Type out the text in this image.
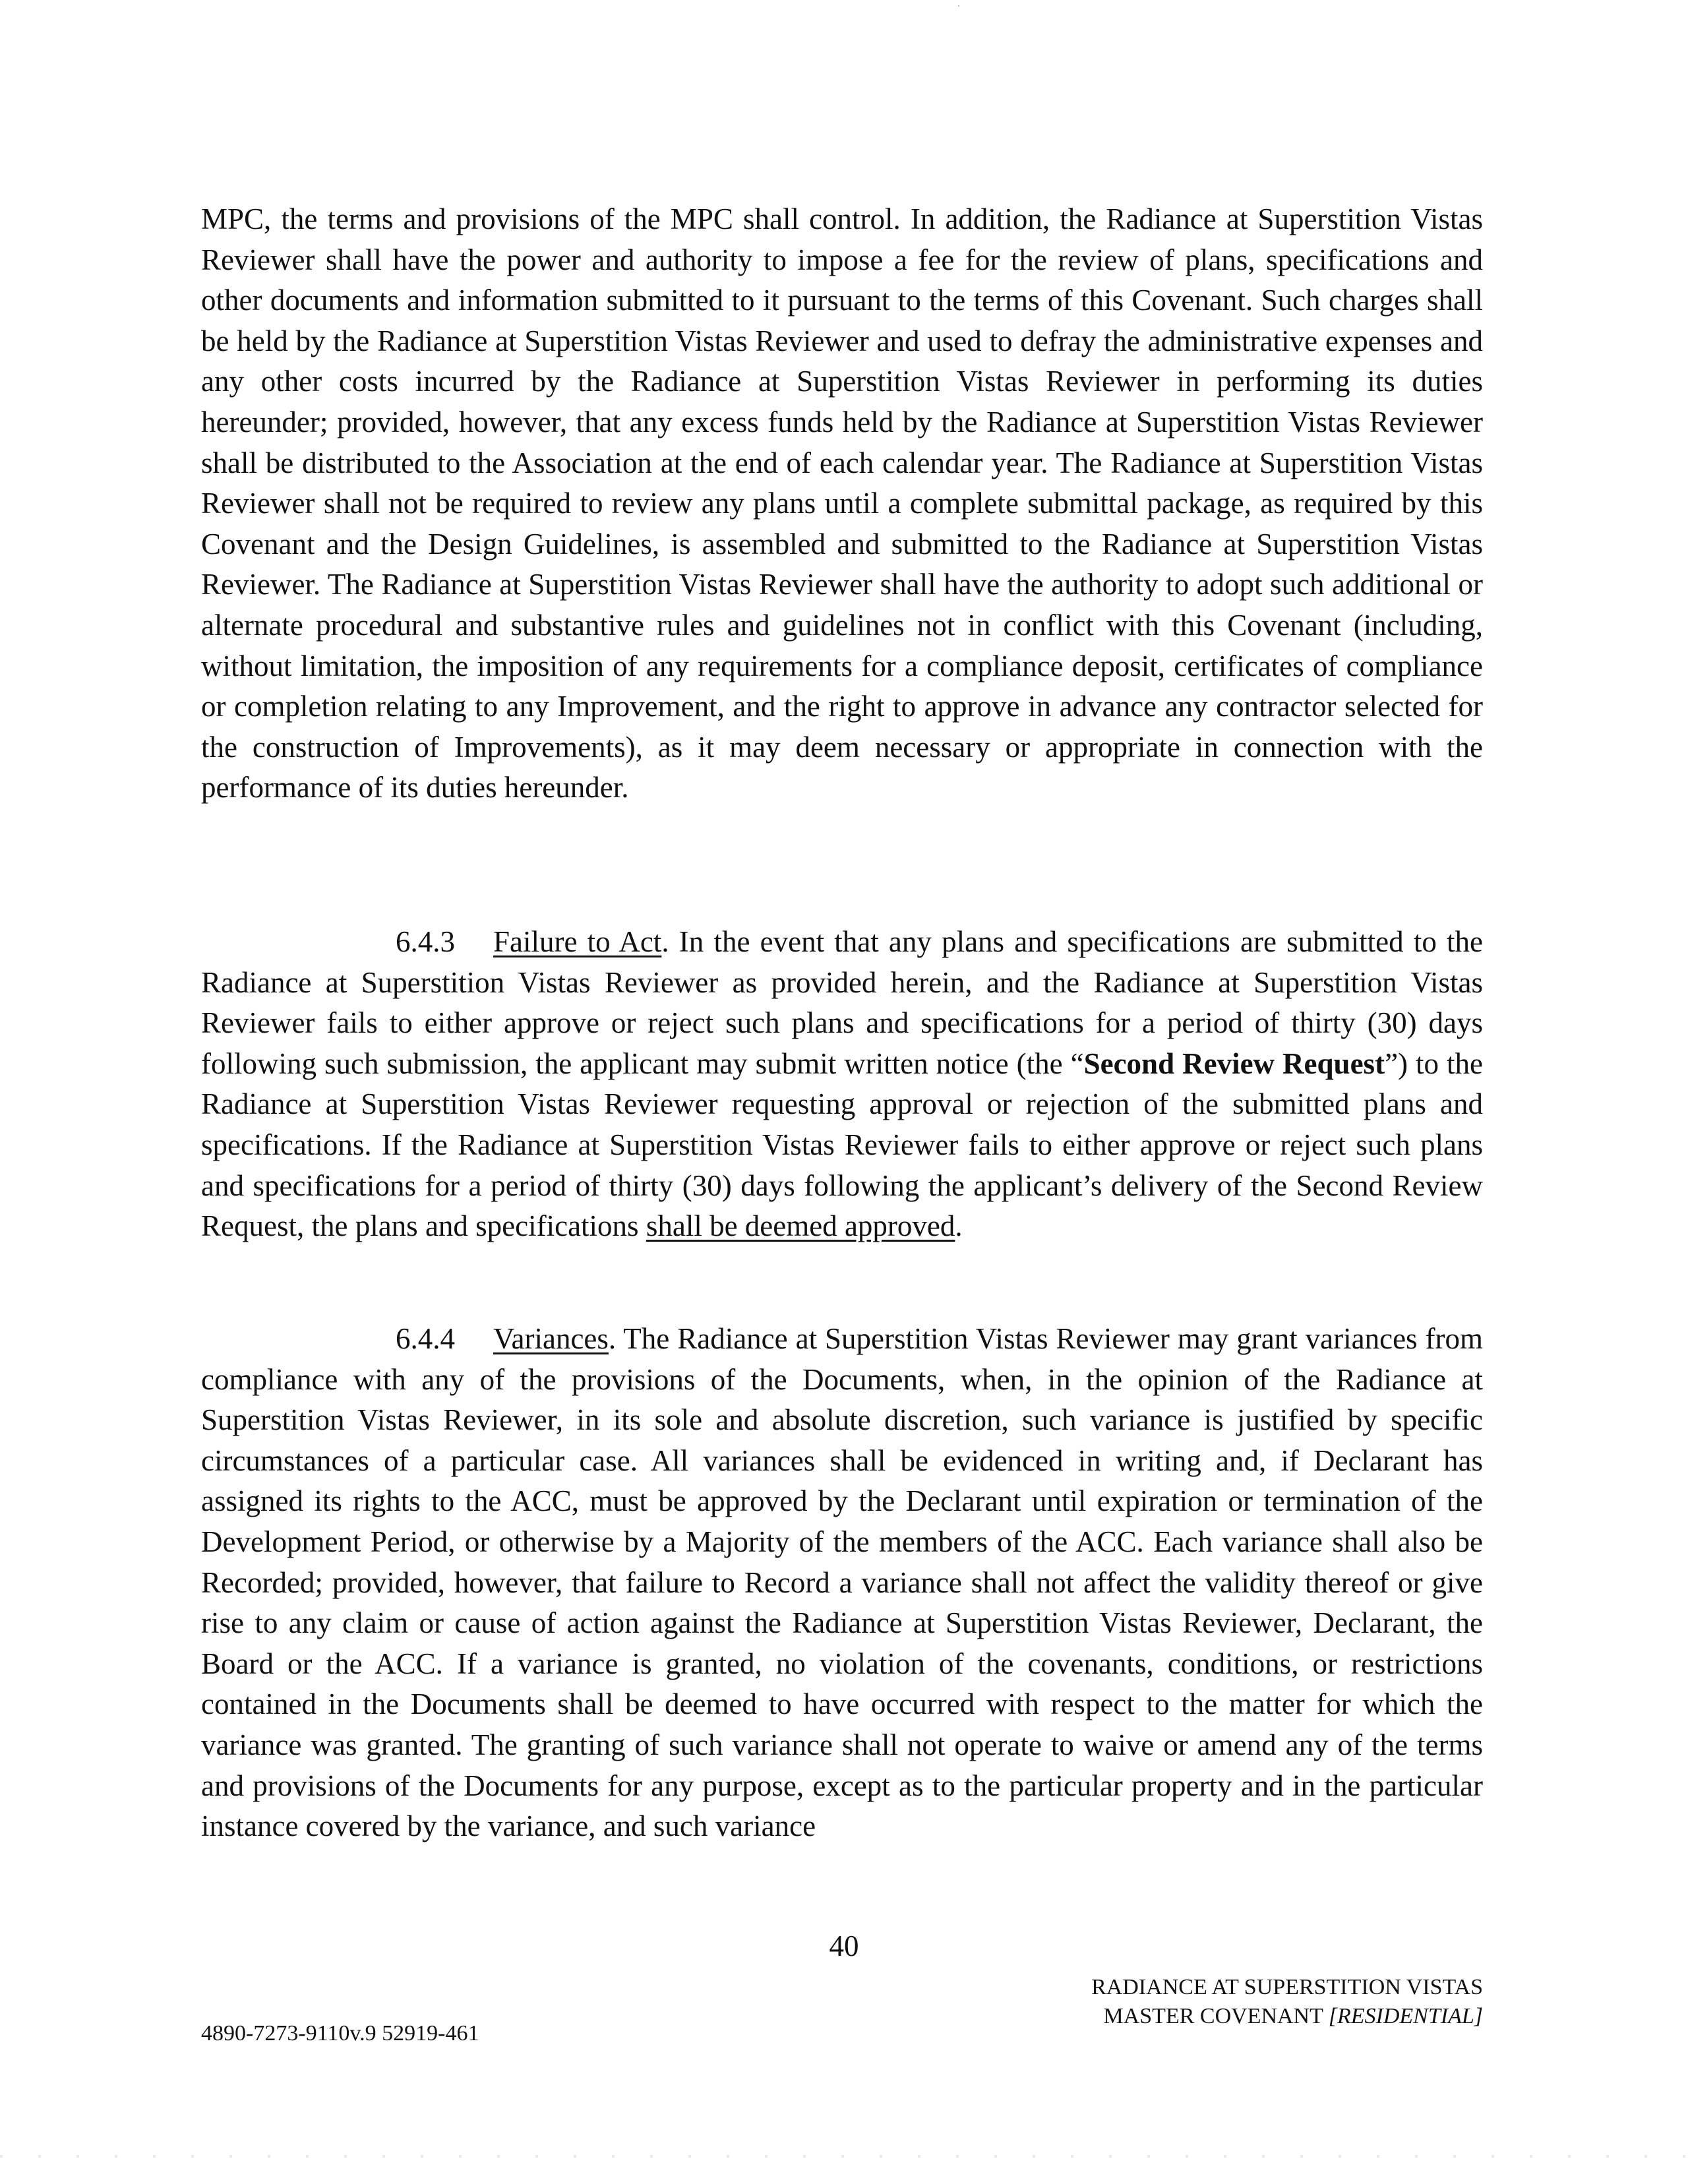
MPC, the terms and provisions of the MPC shall control. In addition, the Radiance at Superstition Vistas Reviewer shall have the power and authority to impose a fee for the review of plans, specifications and other documents and information submitted to it pursuant to the terms of this Covenant. Such charges shall be held by the Radiance at Superstition Vistas Reviewer and used to defray the administrative expenses and any other costs incurred by the Radiance at Superstition Vistas Reviewer in performing its duties hereunder; provided, however, that any excess funds held by the Radiance at Superstition Vistas Reviewer shall be distributed to the Association at the end of each calendar year. The Radiance at Superstition Vistas Reviewer shall not be required to review any plans until a complete submittal package, as required by this Covenant and the Design Guidelines, is assembled and submitted to the Radiance at Superstition Vistas Reviewer. The Radiance at Superstition Vistas Reviewer shall have the authority to adopt such additional or alternate procedural and substantive rules and guidelines not in conflict with this Covenant (including, without limitation, the imposition of any requirements for a compliance deposit, certificates of compliance or completion relating to any Improvement, and the right to approve in advance any contractor selected for the construction of Improvements), as it may deem necessary or appropriate in connection with the performance of its duties hereunder.

6.4.3 Failure to Act. In the event that any plans and specifications are submitted to the Radiance at Superstition Vistas Reviewer as provided herein, and the Radiance at Superstition Vistas Reviewer fails to either approve or reject such plans and specifications for a period of thirty (30) days following such submission, the applicant may submit written notice (the “Second Review Request”) to the Radiance at Superstition Vistas Reviewer requesting approval or rejection of the submitted plans and specifications. If the Radiance at Superstition Vistas Reviewer fails to either approve or reject such plans and specifications for a period of thirty (30) days following the applicant’s delivery of the Second Review Request, the plans and specifications shall be deemed approved.

6.4.4 Variances. The Radiance at Superstition Vistas Reviewer may grant variances from compliance with any of the provisions of the Documents, when, in the opinion of the Radiance at Superstition Vistas Reviewer, in its sole and absolute discretion, such variance is justified by specific circumstances of a particular case. All variances shall be evidenced in writing and, if Declarant has assigned its rights to the ACC, must be approved by the Declarant until expiration or termination of the Development Period, or otherwise by a Majority of the members of the ACC. Each variance shall also be Recorded; provided, however, that failure to Record a variance shall not affect the validity thereof or give rise to any claim or cause of action against the Radiance at Superstition Vistas Reviewer, Declarant, the Board or the ACC. If a variance is granted, no violation of the covenants, conditions, or restrictions contained in the Documents shall be deemed to have occurred with respect to the matter for which the variance was granted. The granting of such variance shall not operate to waive or amend any of the terms and provisions of the Documents for any purpose, except as to the particular property and in the particular instance covered by the variance, and such variance

40
RADIANCE AT SUPERSTITION VISTAS
MASTER COVENANT [RESIDENTIAL]
4890-7273-9110v.9 52919-461
